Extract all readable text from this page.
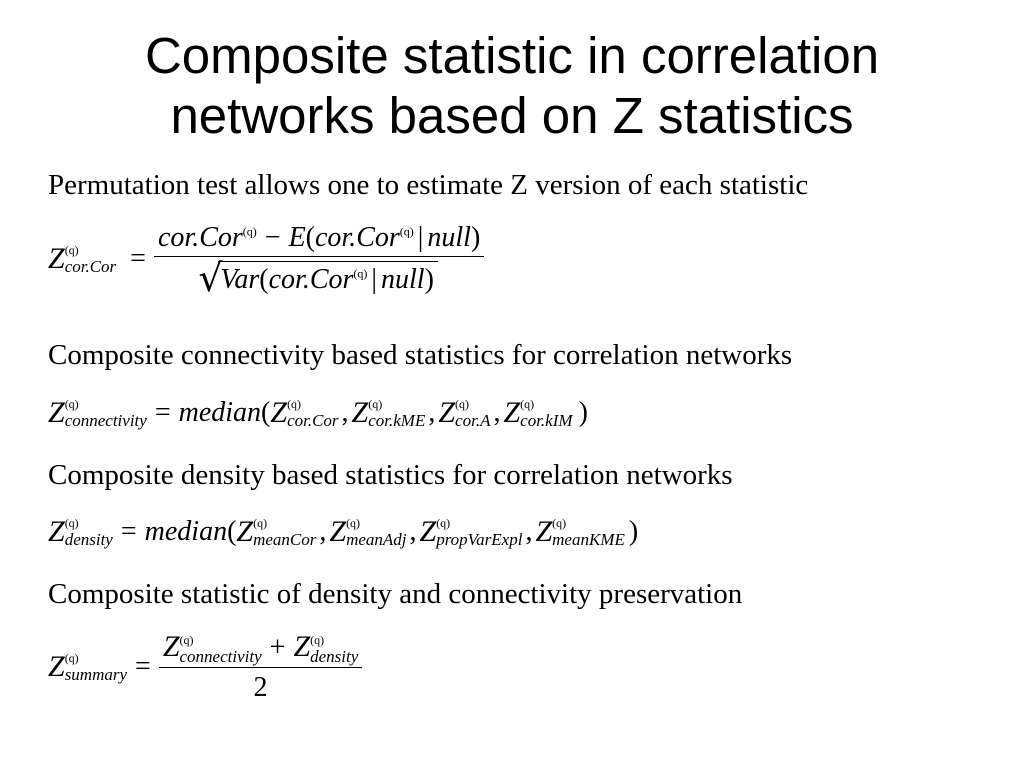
Composite statistic in correlation
networks based on Z statistics
Permutation test allows one to estimate Z version of each statistic
Z (q)
cor.Cor = cor.Cor$^{(q)}$ − E(cor.Cor$^{(q)}$ | null)
√
Var(cor.Cor$^{(q)}$ | null)
Composite connectivity based statistics for correlation networks
Z (q)
connectivity = median ( Z (q)
cor.Cor , Z (q)
cor.kME , Z (q)
cor.A , Z (q)
cor.kIM )
Composite density based statistics for correlation networks
Z (q)
density = median ( Z (q)
meanCor , Z (q)
meanAdj , Z (q)
propVarExpl , Z (q)
meanKME )
Composite statistic of density and connectivity preservation
Z (q)
summary = Z (q)
connectivity + Z (q)
density
2
